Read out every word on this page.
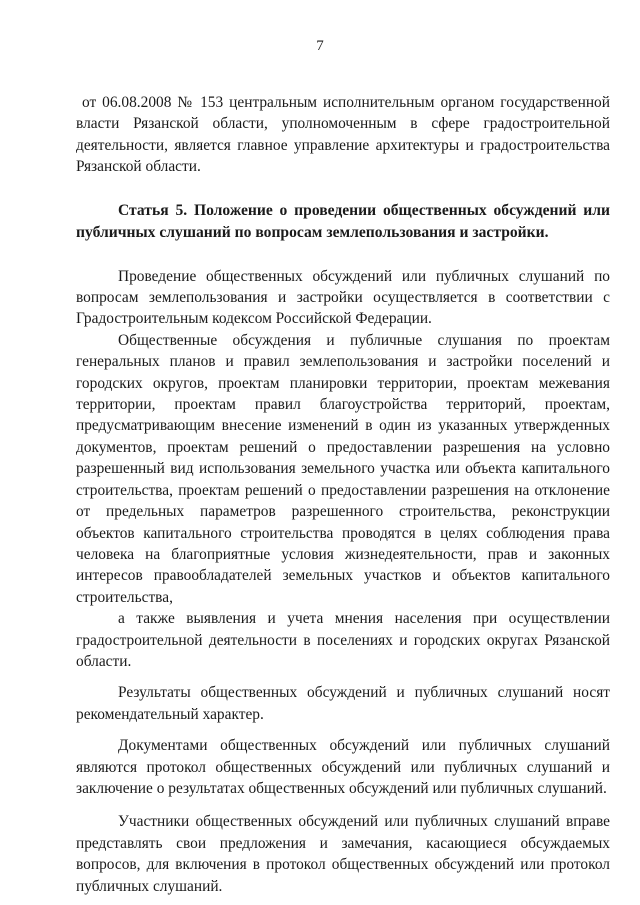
7

от 06.08.2008 № 153 центральным исполнительным органом государственной власти Рязанской области, уполномоченным в сфере градостроительной деятельности, является главное управление архитектуры и градостроительства Рязанской области.

Статья 5. Положение о проведении общественных обсуждений или публичных слушаний по вопросам землепользования и застройки.

Проведение общественных обсуждений или публичных слушаний по вопросам землепользования и застройки осуществляется в соответствии с Градостроительным кодексом Российской Федерации.

Общественные обсуждения и публичные слушания по проектам генеральных планов и правил землепользования и застройки поселений и городских округов, проектам планировки территории, проектам межевания территории, проектам правил благоустройства территорий, проектам, предусматривающим внесение изменений в один из указанных утвержденных документов, проектам решений о предоставлении разрешения на условно разрешенный вид использования земельного участка или объекта капитального строительства, проектам решений о предоставлении разрешения на отклонение от предельных параметров разрешенного строительства, реконструкции объектов капитального строительства проводятся в целях соблюдения права человека на благоприятные условия жизнедеятельности, прав и законных интересов правообладателей земельных участков и объектов капитального строительства,

а также выявления и учета мнения населения при осуществлении градостроительной деятельности в поселениях и городских округах Рязанской области.

Результаты общественных обсуждений и публичных слушаний носят рекомендательный характер.

Документами общественных обсуждений или публичных слушаний являются протокол общественных обсуждений или публичных слушаний и заключение о результатах общественных обсуждений или публичных слушаний.

Участники общественных обсуждений или публичных слушаний вправе представлять свои предложения и замечания, касающиеся обсуждаемых вопросов, для включения в протокол общественных обсуждений или протокол публичных слушаний.
